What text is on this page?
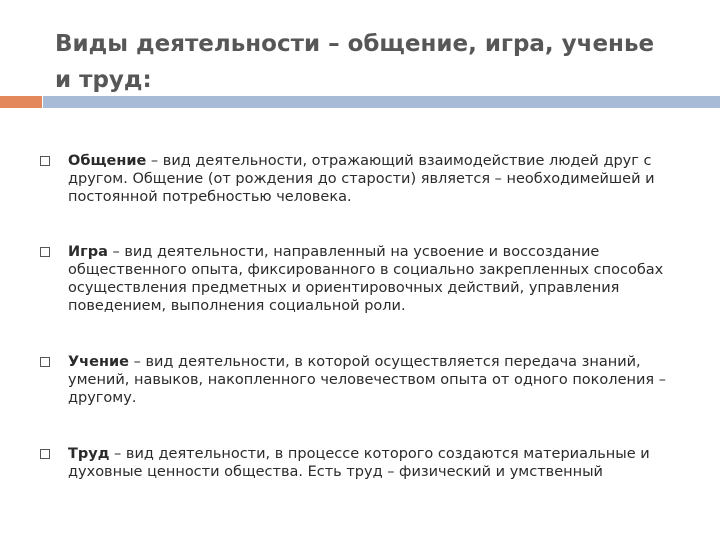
Виды деятельности – общение, игра, ученье и труд:
Общение – вид деятельности, отражающий взаимодействие людей друг с другом. Общение (от рождения до старости) является – необходимейшей и постоянной потребностью человека.
Игра – вид деятельности, направленный на усвоение и воссоздание общественного опыта, фиксированного в социально закрепленных способах осуществления предметных и ориентировочных действий, управления поведением, выполнения социальной роли.
Учение – вид деятельности, в которой осуществляется передача знаний, умений, навыков, накопленного человечеством опыта от одного поколения – другому.
Труд – вид деятельности, в процессе которого создаются материальные и духовные ценности общества. Есть труд – физический и умственный
